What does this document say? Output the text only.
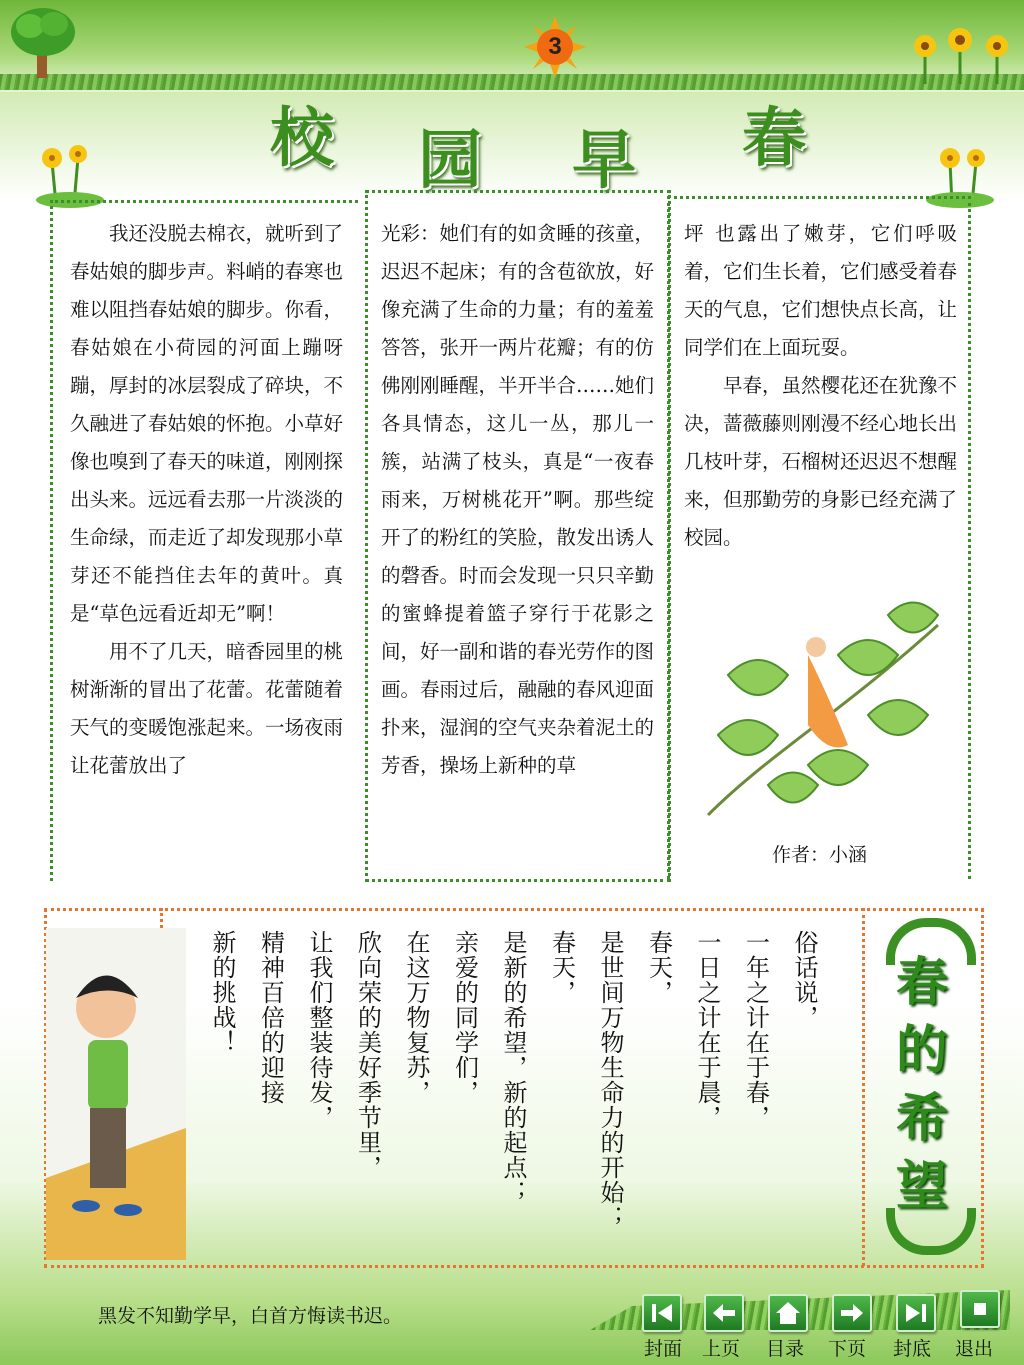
3
校 园 早 春

我还没脱去棉衣，就听到了春姑娘的脚步声。料峭的春寒也难以阻挡春姑娘的脚步。你看，春姑娘在小荷园的河面上蹦呀蹦，厚封的冰层裂成了碎块，不久融进了春姑娘的怀抱。小草好像也嗅到了春天的味道，刚刚探出头来。远远看去那一片淡淡的生命绿，而走近了却发现那小草芽还不能挡住去年的黄叶。真是“草色远看近却无”啊！

用不了几天，暗香园里的桃树渐渐的冒出了花蕾。花蕾随着天气的变暖饱涨起来。一场夜雨让花蕾放出了

光彩：她们有的如贪睡的孩童，迟迟不起床；有的含苞欲放，好像充满了生命的力量；有的羞羞答答，张开一两片花瓣；有的仿佛刚刚睡醒，半开半合……她们各具情态，这儿一丛，那儿一簇，站满了枝头，真是“一夜春雨来，万树桃花开”啊。那些绽开了的粉红的笑脸，散发出诱人的磬香。时而会发现一只只辛勤的蜜蜂提着篮子穿行于花影之间，好一副和谐的春光劳作的图画。春雨过后，融融的春风迎面扑来，湿润的空气夹杂着泥土的芳香，操场上新种的草

坪 也露出了嫩芽，它们呼吸着，它们生长着，它们感受着春天的气息，它们想快点长高，让同学们在上面玩耍。

早春，虽然樱花还在犹豫不决，蔷薇藤则刚漫不经心地长出几枝叶芽，石榴树还迟迟不想醒来，但那勤劳的身影已经充满了校园。

作者：小涵
俗话说，
一年之计在于春，
一日之计在于晨，
春天，
是世间万物生命力的开始；
春天，
是新的希望，新的起点；
亲爱的同学们，
在这万物复苏，
欣向荣的美好季节里，
让我们整装待发，
精神百倍的迎接
新的挑战！	春
的
希
望
黑发不知勤学早，白首方悔读书迟。
封面 上页 目录 下页 封底 退出
